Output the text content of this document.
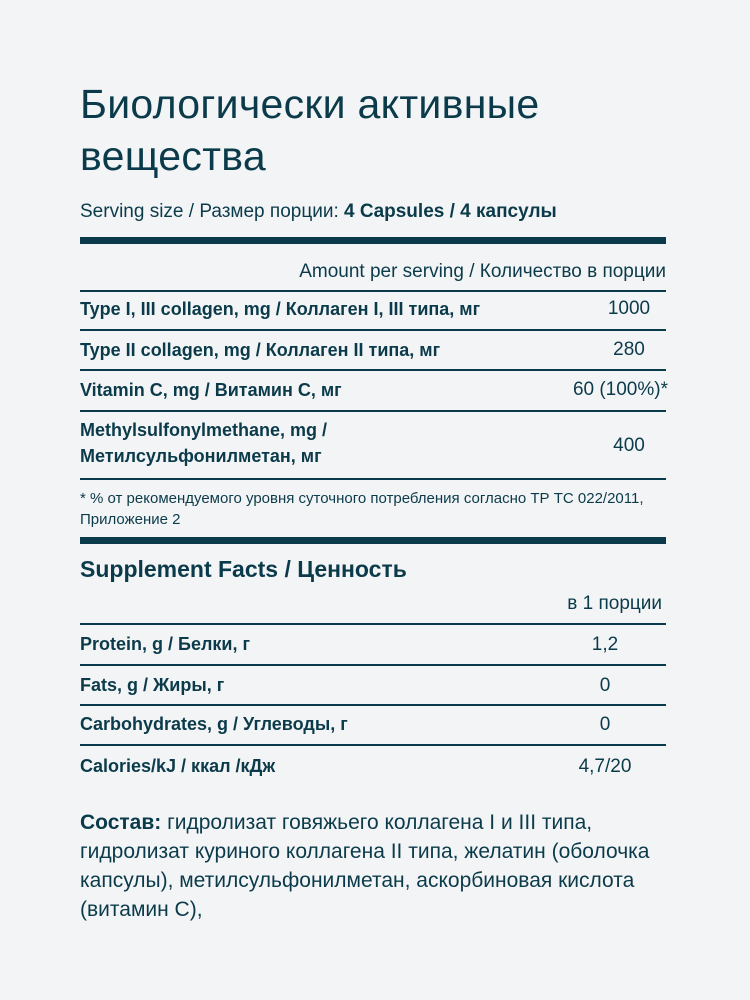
Биологически активные вещества
Serving size / Размер порции: 4 Capsules / 4 капсулы
Amount per serving / Количество в порции
Type I, III collagen, mg / Коллаген I, III типа, мг	1000
Type II collagen, mg / Коллаген II типа, мг	280
Vitamin C, mg / Витамин C, мг	60 (100%)*
Methylsulfonylmethane, mg /
Метилсульфонилметан, мг	400
* % от рекомендуемого уровня суточного потребления согласно ТР ТС 022/2011, Приложение 2
Supplement Facts / Ценность
в 1 порции
Protein, g / Белки, г	1,2
Fats, g / Жиры, г	0
Carbohydrates, g / Углеводы, г	0
Calories/kJ / ккал /кДж	4,7/20
Состав: гидролизат говяжьего коллагена I и III типа, гидролизат куриного коллагена II типа, желатин (оболочка капсулы), метилсульфонилметан, аскорбиновая кислота (витамин С),
